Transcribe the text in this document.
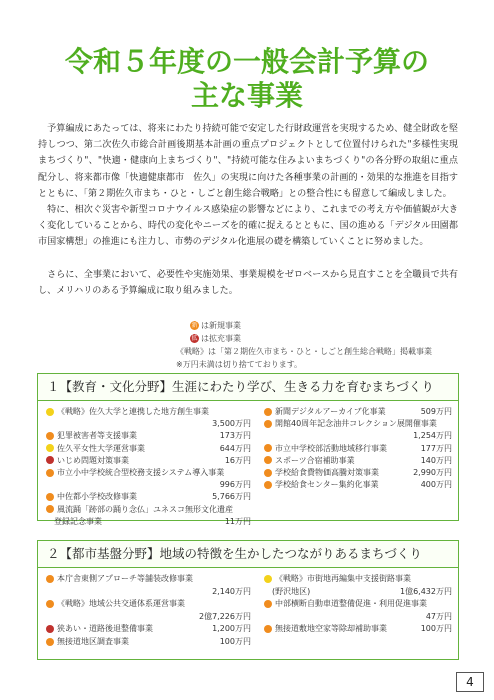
令和５年度の一般会計予算の
主な事業
　予算編成にあたっては、将来にわたり持続可能で安定した行財政運営を実現するため、健全財政を堅持しつつ、第二次佐久市総合計画後期基本計画の重点プロジェクトとして位置付けられた"多様性実現まちづくり"、"快適・健康向上まちづくり"、"持続可能な住みよいまちづくり"の各分野の取組に重点配分し、将来都市像「快適健康都市　佐久」の実現に向けた各種事業の計画的・効果的な推進を目指すとともに、「第２期佐久市まち・ひと・しごと創生総合戦略」との整合性にも留意して編成しました。
　特に、相次ぐ災害や新型コロナウイルス感染症の影響などにより、これまでの考え方や価値観が大きく変化していることから、時代の変化やニーズを的確に捉えるとともに、国の進める「デジタル田園都市国家構想」の推進にも注力し、市勢のデジタル化進展の礎を構築していくことに努めました。
　さらに、全事業において、必要性や実施効果、事業規模をゼロベースから見直すことを全職員で共有し、メリハリのある予算編成に取り組みました。
新 は新規事業
拡 は拡充事業
《戦略》は「第２期佐久市まち・ひと・しごと創生総合戦略」掲載事業
※万円未満は切り捨てております。
１【教育・文化分野】生涯にわたり学び、生きる力を育むまちづくり
《戦略》佐久大学と連携した地方創生事業
3,500万円
犯罪被害者等支援事業	173万円
佐久平女性大学運営事業	644万円
いじめ問題対策事業	16万円
市立小中学校統合型校務支援システム導入事業
996万円
中佐都小学校改修事業	5,766万円
風流踊「跡部の踊り念仏」ユネスコ無形文化遺産
　登録記念事業	11万円
新聞デジタルアーカイブ化事業	509万円
開館40周年記念油井コレクション展開催事業
1,254万円
市立中学校部活動地域移行事業	177万円
スポーツ合宿補助事業	140万円
学校給食費物価高騰対策事業	2,990万円
学校給食センター集約化事業	400万円
２【都市基盤分野】地域の特徴を生かしたつながりあるまちづくり
本庁舎東側アプローチ等舗装改修事業
2,140万円
《戦略》地域公共交通体系運営事業
2億7,226万円
狭あい・道路後退整備事業	1,200万円
無接道地区調査事業	100万円
《戦略》市街地再編集中支援街路事業
　(野沢地区)	1億6,432万円
中部横断自動車道整備促進・利用促進事業
47万円
無接道敷地空家等除却補助事業	100万円
4
